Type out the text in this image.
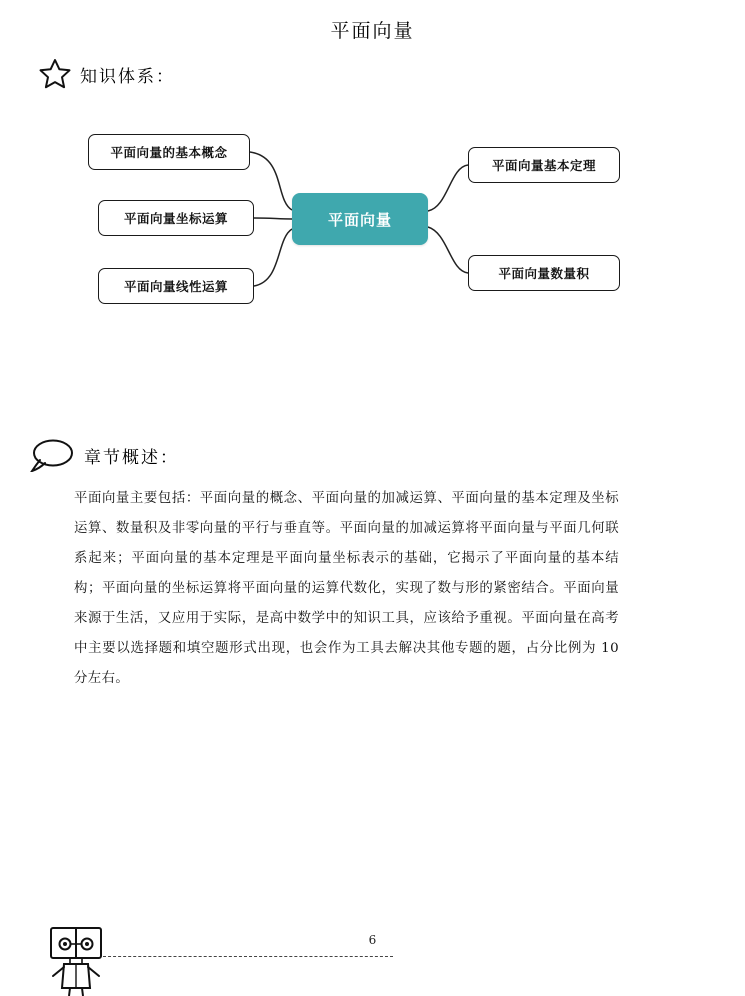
平面向量
知识体系：
平面向量的基本概念
平面向量坐标运算
平面向量线性运算
平面向量
平面向量基本定理
平面向量数量积
章节概述：
平面向量主要包括：平面向量的概念、平面向量的加减运算、平面向量的基本定理及坐标运算、数量积及非零向量的平行与垂直等。平面向量的加减运算将平面向量与平面几何联系起来；平面向量的基本定理是平面向量坐标表示的基础，它揭示了平面向量的基本结构；平面向量的坐标运算将平面向量的运算代数化，实现了数与形的紧密结合。平面向量来源于生活，又应用于实际，是高中数学中的知识工具，应该给予重视。平面向量在高考中主要以选择题和填空题形式出现，也会作为工具去解决其他专题的题，占分比例为 10 分左右。
6
